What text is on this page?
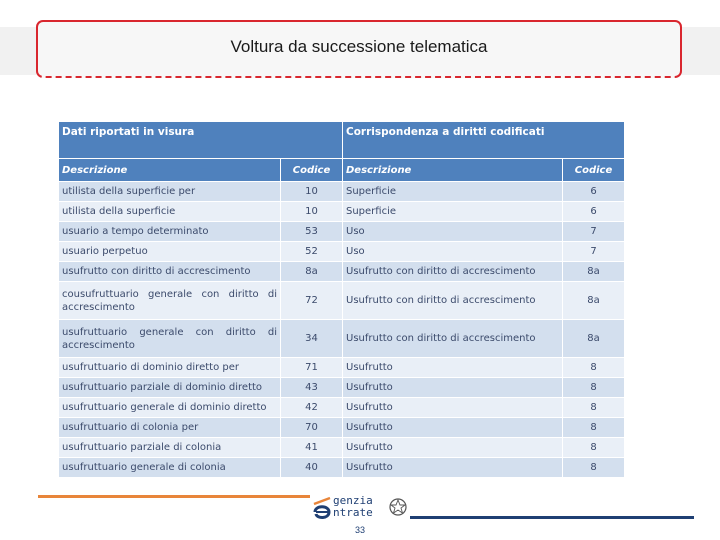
Voltura da successione telematica
Dati riportati in visura		Corrispondenza a diritti codificati	
Descrizione	Codice	Descrizione	Codice
utilista della superficie per	10	Superficie	6
utilista della superficie	10	Superficie	6
usuario a tempo determinato	53	Uso	7
usuario perpetuo	52	Uso	7
usufrutto con diritto di accrescimento	8a	Usufrutto con diritto di accrescimento	8a
cousufruttuario generale con diritto di accrescimento	72	Usufrutto con diritto di accrescimento	8a
usufruttuario generale con diritto di accrescimento	34	Usufrutto con diritto di accrescimento	8a
usufruttuario di dominio diretto per	71	Usufrutto	8
usufruttuario parziale di dominio diretto	43	Usufrutto	8
usufruttuario generale di dominio diretto	42	Usufrutto	8
usufruttuario di colonia per	70	Usufrutto	8
usufruttuario parziale di colonia	41	Usufrutto	8
usufruttuario generale di colonia	40	Usufrutto	8
genzia
ntrate
33
